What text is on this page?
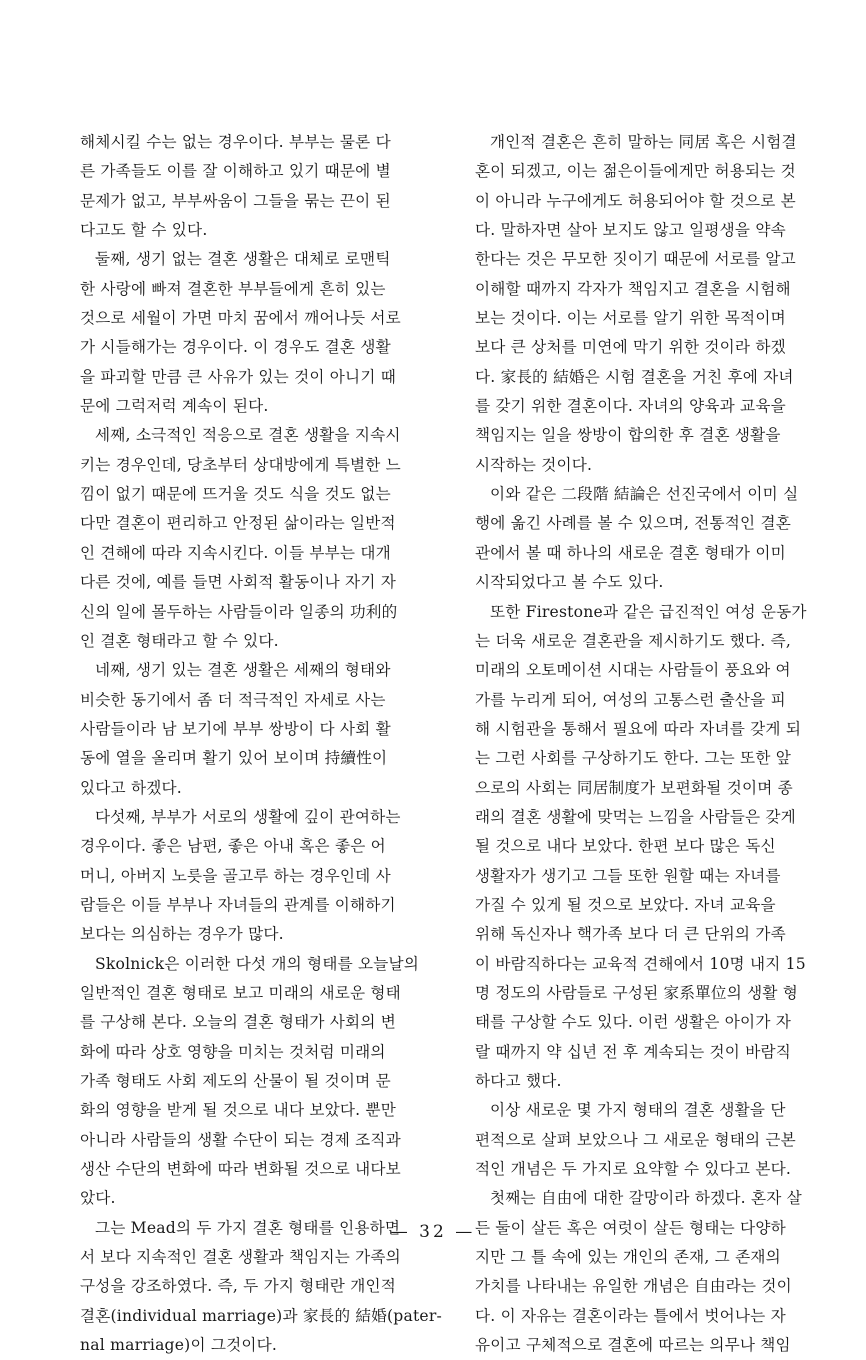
해체시킬 수는 없는 경우이다. 부부는 물론 다
른 가족들도 이를 잘 이해하고 있기 때문에 별
문제가 없고, 부부싸움이 그들을 묶는 끈이 된
다고도 할 수 있다.
둘째, 생기 없는 결혼 생활은 대체로 로맨틱
한 사랑에 빠져 결혼한 부부들에게 흔히 있는
것으로 세월이 가면 마치 꿈에서 깨어나듯 서로
가 시들해가는 경우이다. 이 경우도 결혼 생활
을 파괴할 만큼 큰 사유가 있는 것이 아니기 때
문에 그럭저럭 계속이 된다.
세째, 소극적인 적응으로 결혼 생활을 지속시
키는 경우인데, 당초부터 상대방에게 특별한 느
낌이 없기 때문에 뜨거울 것도 식을 것도 없는
다만 결혼이 편리하고 안정된 삶이라는 일반적
인 견해에 따라 지속시킨다. 이들 부부는 대개
다른 것에, 예를 들면 사회적 활동이나 자기 자
신의 일에 몰두하는 사람들이라 일종의 功利的
인 결혼 형태라고 할 수 있다.
네째, 생기 있는 결혼 생활은 세째의 형태와
비슷한 동기에서 좀 더 적극적인 자세로 사는
사람들이라 남 보기에 부부 쌍방이 다 사회 활
동에 열을 올리며 활기 있어 보이며 持續性이
있다고 하겠다.
다섯째, 부부가 서로의 생활에 깊이 관여하는
경우이다. 좋은 남편, 좋은 아내 혹은 좋은 어
머니, 아버지 노릇을 골고루 하는 경우인데 사
람들은 이들 부부나 자녀들의 관계를 이해하기
보다는 의심하는 경우가 많다.
Skolnick은 이러한 다섯 개의 형태를 오늘날의
일반적인 결혼 형태로 보고 미래의 새로운 형태
를 구상해 본다. 오늘의 결혼 형태가 사회의 변
화에 따라 상호 영향을 미치는 것처럼 미래의
가족 형태도 사회 제도의 산물이 될 것이며 문
화의 영향을 받게 될 것으로 내다 보았다. 뿐만
아니라 사람들의 생활 수단이 되는 경제 조직과
생산 수단의 변화에 따라 변화될 것으로 내다보
았다.
그는 Mead의 두 가지 결혼 형태를 인용하면
서 보다 지속적인 결혼 생활과 책임지는 가족의
구성을 강조하였다. 즉, 두 가지 형태란 개인적
결혼(individual marriage)과 家長的 結婚(pater-
nal marriage)이 그것이다.
개인적 결혼은 흔히 말하는 同居 혹은 시험결
혼이 되겠고, 이는 젊은이들에게만 허용되는 것
이 아니라 누구에게도 허용되어야 할 것으로 본
다. 말하자면 살아 보지도 않고 일평생을 약속
한다는 것은 무모한 짓이기 때문에 서로를 알고
이해할 때까지 각자가 책임지고 결혼을 시험해
보는 것이다. 이는 서로를 알기 위한 목적이며
보다 큰 상처를 미연에 막기 위한 것이라 하겠
다. 家長的 結婚은 시험 결혼을 거친 후에 자녀
를 갖기 위한 결혼이다. 자녀의 양육과 교육을
책임지는 일을 쌍방이 합의한 후 결혼 생활을
시작하는 것이다.
이와 같은 二段階 結論은 선진국에서 이미 실
행에 옮긴 사례를 볼 수 있으며, 전통적인 결혼
관에서 볼 때 하나의 새로운 결혼 형태가 이미
시작되었다고 볼 수도 있다.
또한 Firestone과 같은 급진적인 여성 운동가
는 더욱 새로운 결혼관을 제시하기도 했다. 즉,
미래의 오토메이션 시대는 사람들이 풍요와 여
가를 누리게 되어, 여성의 고통스런 출산을 피
해 시험관을 통해서 필요에 따라 자녀를 갖게 되
는 그런 사회를 구상하기도 한다. 그는 또한 앞
으로의 사회는 同居制度가 보편화될 것이며 종
래의 결혼 생활에 맞먹는 느낌을 사람들은 갖게
될 것으로 내다 보았다. 한편 보다 많은 독신
생활자가 생기고 그들 또한 원할 때는 자녀를
가질 수 있게 될 것으로 보았다. 자녀 교육을
위해 독신자나 핵가족 보다 더 큰 단위의 가족
이 바람직하다는 교육적 견해에서 10명 내지 15
명 정도의 사람들로 구성된 家系單位의 생활 형
태를 구상할 수도 있다. 이런 생활은 아이가 자
랄 때까지 약 십년 전 후 계속되는 것이 바람직
하다고 했다.
이상 새로운 몇 가지 형태의 결혼 생활을 단
편적으로 살펴 보았으나 그 새로운 형태의 근본
적인 개념은 두 가지로 요약할 수 있다고 본다.
첫째는 自由에 대한 갈망이라 하겠다. 혼자 살
든 둘이 살든 혹은 여럿이 살든 형태는 다양하
지만 그 틀 속에 있는 개인의 존재, 그 존재의
가치를 나타내는 유일한 개념은 自由라는 것이
다. 이 자유는 결혼이라는 틀에서 벗어나는 자
유이고 구체적으로 결혼에 따르는 의무나 책임
— 32 —
